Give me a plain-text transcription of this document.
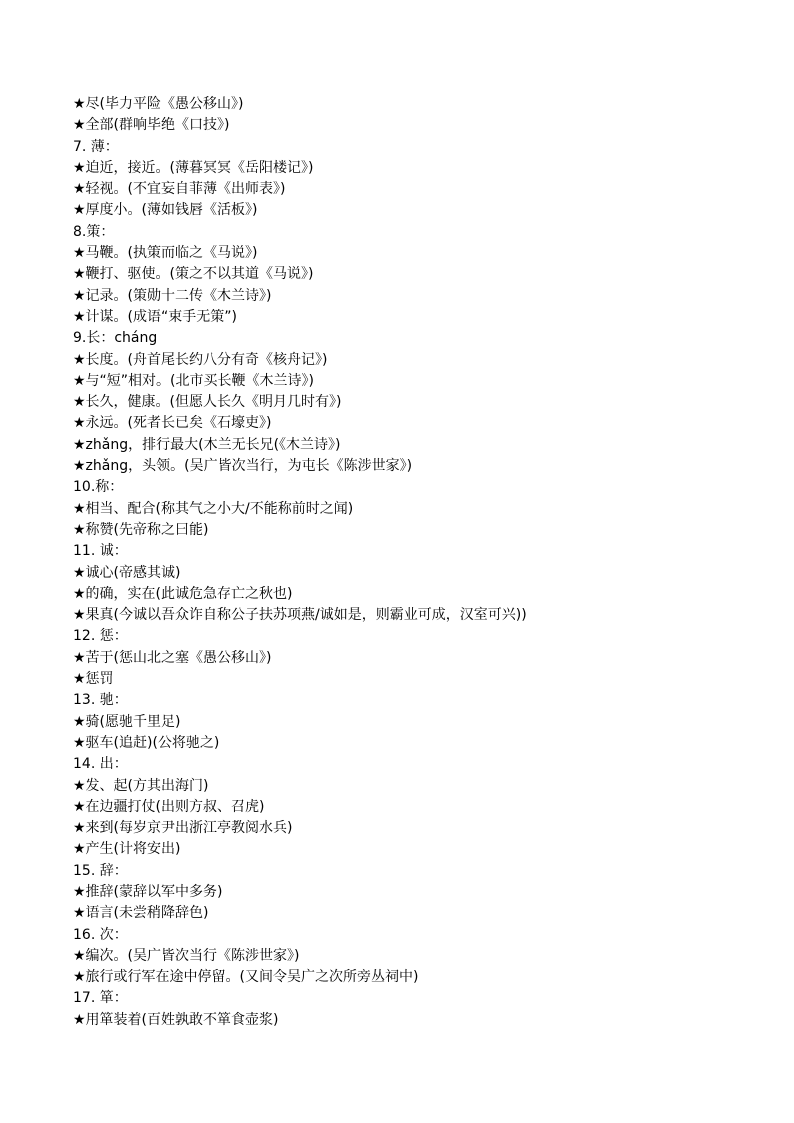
★尽(毕力平险《愚公移山》)
★全部(群响毕绝《口技》)
7. 薄：
★迫近，接近。(薄暮冥冥《岳阳楼记》)
★轻视。(不宜妄自菲薄《出师表》)
★厚度小。(薄如钱唇《活板》)
8.策：
★马鞭。(执策而临之《马说》)
★鞭打、驱使。(策之不以其道《马说》)
★记录。(策勋十二传《木兰诗》)
★计谋。(成语“束手无策”)
9.长：cháng
★长度。(舟首尾长约八分有奇《核舟记》)
★与“短”相对。(北市买长鞭《木兰诗》)
★长久，健康。(但愿人长久《明月几时有》)
★永远。(死者长已矣《石壕吏》)
★zhǎng，排行最大(木兰无长兄(《木兰诗》)
★zhǎng，头领。(吴广皆次当行，为屯长《陈涉世家》)
10.称：
★相当、配合(称其气之小大/不能称前时之闻)
★称赞(先帝称之曰能)
11. 诚：
★诚心(帝感其诚)
★的确，实在(此诚危急存亡之秋也)
★果真(今诚以吾众诈自称公子扶苏项燕/诚如是，则霸业可成，汉室可兴))
12. 惩：
★苦于(惩山北之塞《愚公移山》)
★惩罚
13. 驰：
★骑(愿驰千里足)
★驱车(追赶)(公将驰之)
14. 出：
★发、起(方其出海门)
★在边疆打仗(出则方叔、召虎)
★来到(每岁京尹出浙江亭教阅水兵)
★产生(计将安出)
15. 辞：
★推辞(蒙辞以军中多务)
★语言(未尝稍降辞色)
16. 次：
★编次。(吴广皆次当行《陈涉世家》)
★旅行或行军在途中停留。(又间令吴广之次所旁丛祠中)
17. 箪：
★用箪装着(百姓孰敢不箪食壶浆)
